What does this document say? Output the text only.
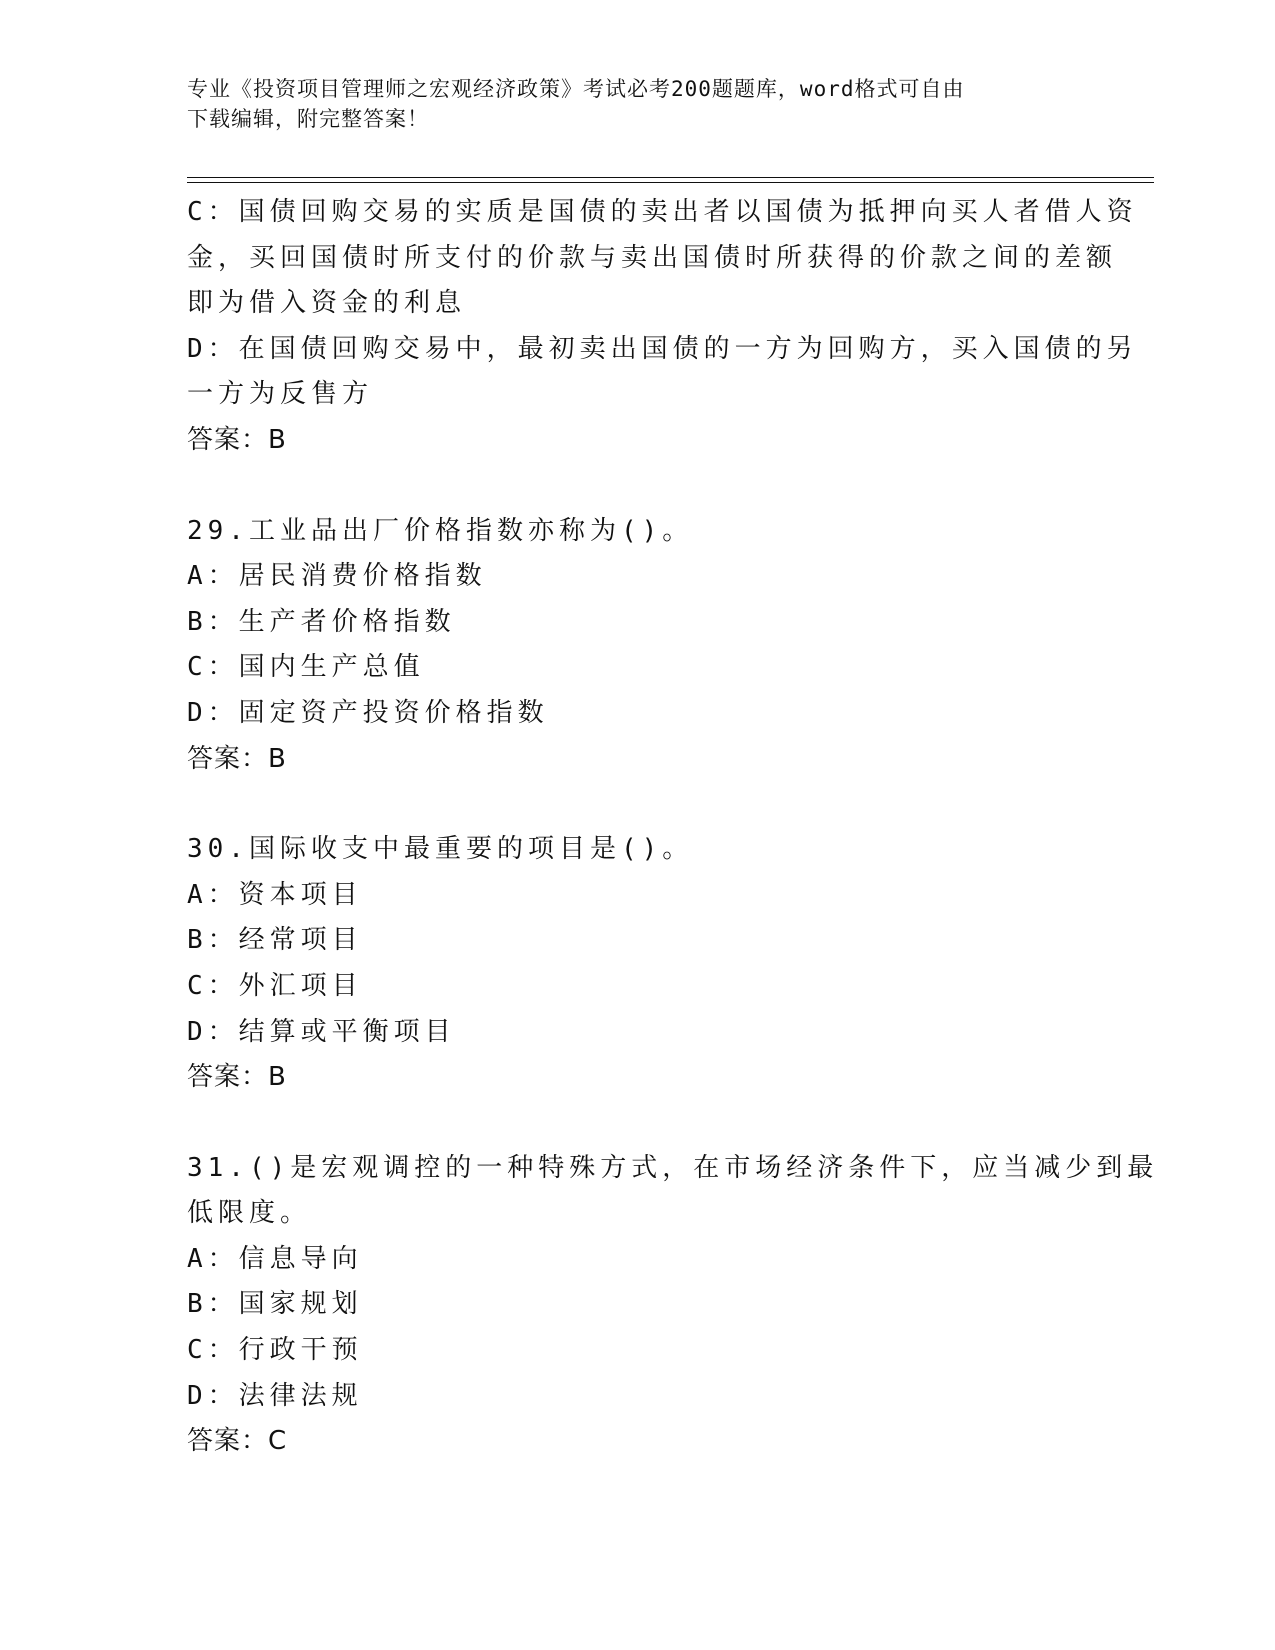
专业《投资项目管理师之宏观经济政策》考试必考200题题库，word格式可自由
下载编辑，附完整答案！
C：国债回购交易的实质是国债的卖出者以国债为抵押向买人者借人资
金，买回国债时所支付的价款与卖出国债时所获得的价款之间的差额
即为借入资金的利息
D：在国债回购交易中，最初卖出国债的一方为回购方，买入国债的另
一方为反售方
答案：B
29.工业品出厂价格指数亦称为()。
A：居民消费价格指数
B：生产者价格指数
C：国内生产总值
D：固定资产投资价格指数
答案：B
30.国际收支中最重要的项目是()。
A：资本项目
B：经常项目
C：外汇项目
D：结算或平衡项目
答案：B
31.()是宏观调控的一种特殊方式，在市场经济条件下，应当减少到最
低限度。
A：信息导向
B：国家规划
C：行政干预
D：法律法规
答案：C
